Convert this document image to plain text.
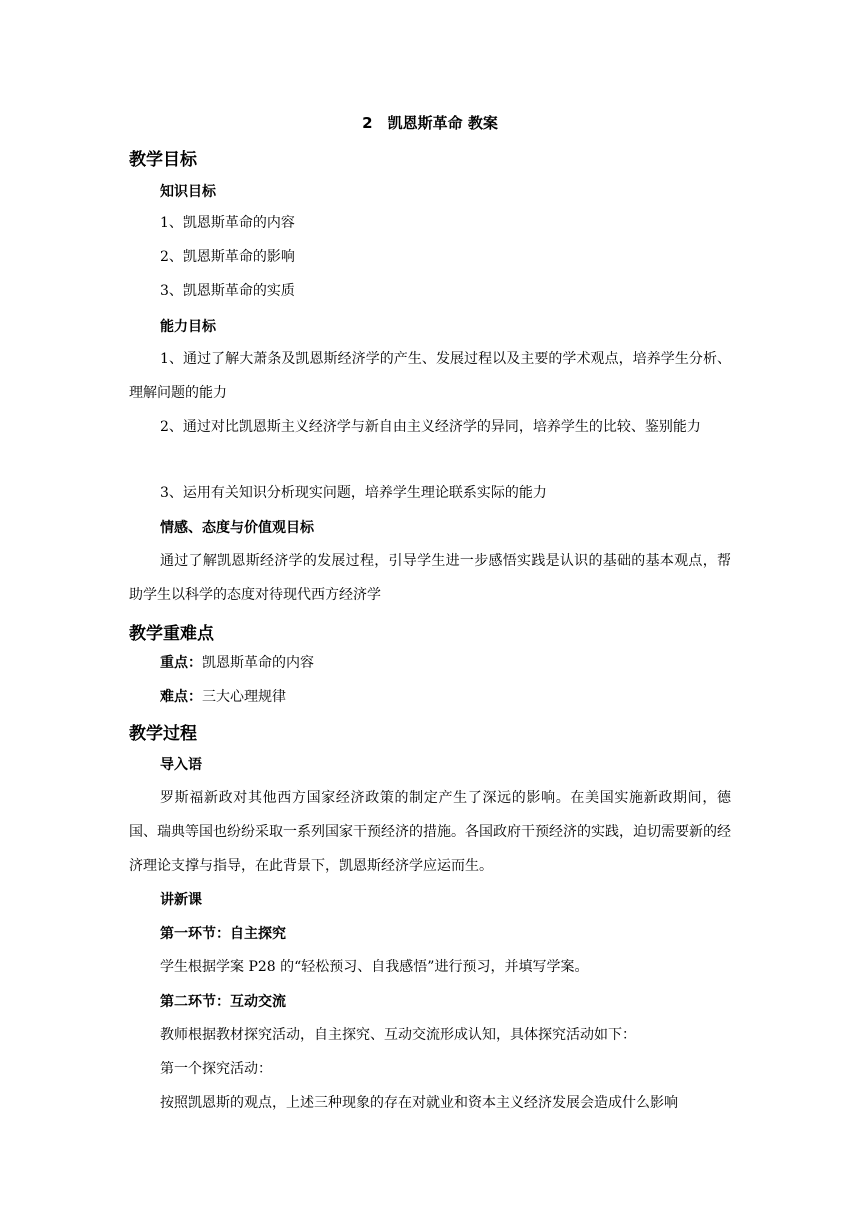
2　凯恩斯革命 教案
教学目标
知识目标
1、凯恩斯革命的内容
2、凯恩斯革命的影响
3、凯恩斯革命的实质
能力目标
1、通过了解大萧条及凯恩斯经济学的产生、发展过程以及主要的学术观点，培养学生分析、理解问题的能力
2、通过对比凯恩斯主义经济学与新自由主义经济学的异同，培养学生的比较、鉴别能力
3、运用有关知识分析现实问题，培养学生理论联系实际的能力
情感、态度与价值观目标
通过了解凯恩斯经济学的发展过程，引导学生进一步感悟实践是认识的基础的基本观点，帮助学生以科学的态度对待现代西方经济学
教学重难点
重点：凯恩斯革命的内容
难点：三大心理规律
教学过程
导入语
罗斯福新政对其他西方国家经济政策的制定产生了深远的影响。在美国实施新政期间，德国、瑞典等国也纷纷采取一系列国家干预经济的措施。各国政府干预经济的实践，迫切需要新的经济理论支撑与指导，在此背景下，凯恩斯经济学应运而生。
讲新课
第一环节：自主探究
学生根据学案 P28 的“轻松预习、自我感悟”进行预习，并填写学案。
第二环节：互动交流
教师根据教材探究活动，自主探究、互动交流形成认知，具体探究活动如下：
第一个探究活动：
按照凯恩斯的观点，上述三种现象的存在对就业和资本主义经济发展会造成什么影响
